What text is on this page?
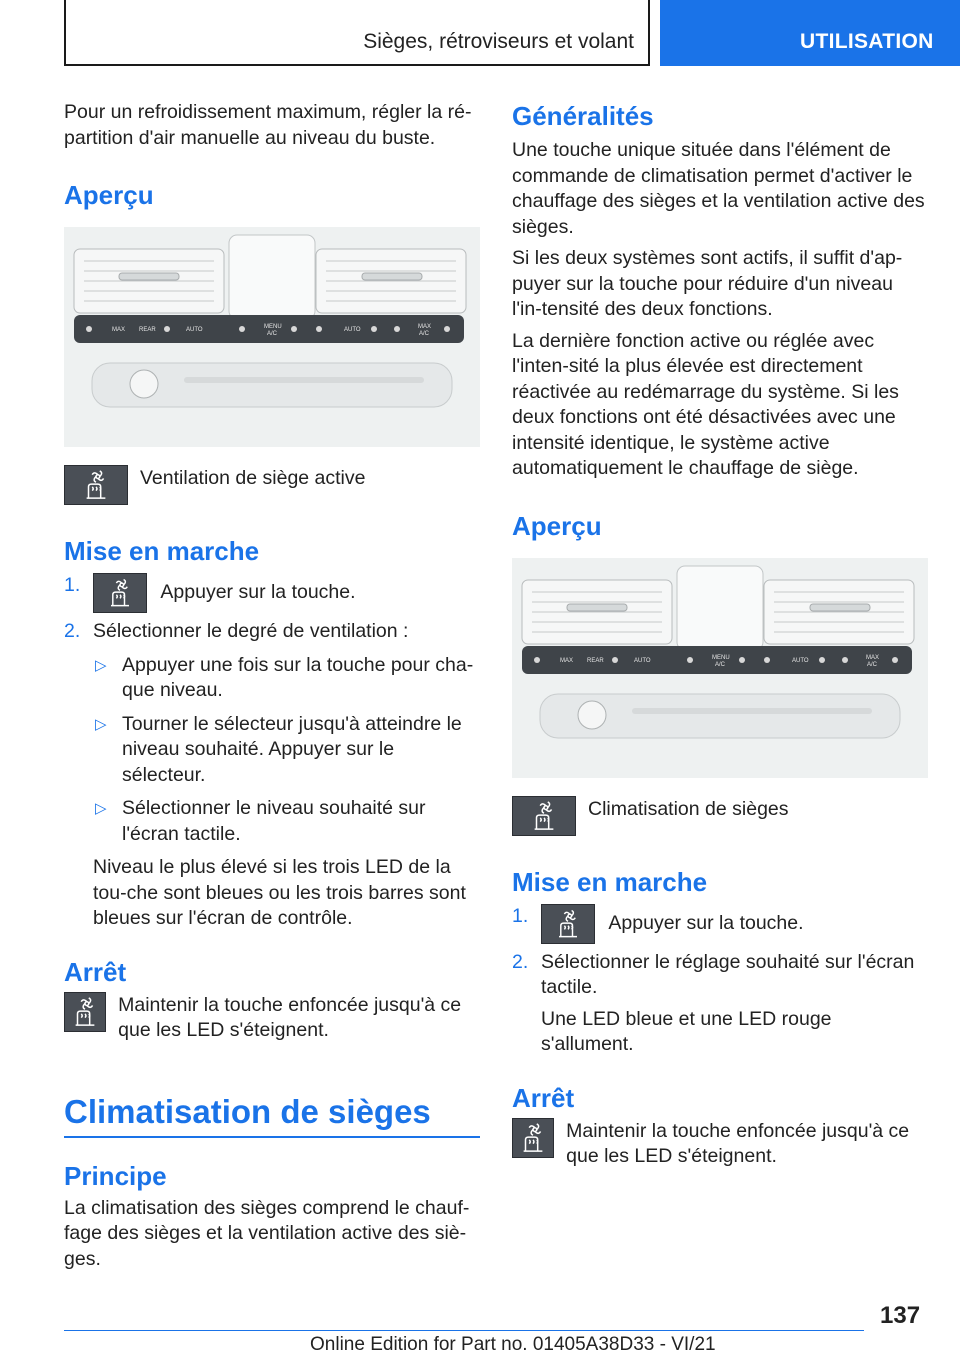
Sièges, rétroviseurs et volant	UTILISATION

Pour un refroidissement maximum, régler la ré-partition d'air manuelle au niveau du buste.

Aperçu
MAX REAR	AUTO	MENU
A/C
AUTO	MAX
A/C
Ventilation de siège active
Mise en marche
1.	Appuyer sur la touche.
2. Sélectionner le degré de ventilation :
▷ Appuyer une fois sur la touche pour cha-que niveau.
▷ Tourner le sélecteur jusqu'à atteindre le niveau souhaité. Appuyer sur le sélecteur.
▷ Sélectionner le niveau souhaité sur l'écran tactile.

Niveau le plus élevé si les trois LED de la tou-che sont bleues ou les trois barres sont bleues sur l'écran de contrôle.

Arrêt
Maintenir la touche enfoncée jusqu'à ce que les LED s'éteignent.
Climatisation de sièges
Principe

La climatisation des sièges comprend le chauf-fage des sièges et la ventilation active des siè-ges.

Généralités

Une touche unique située dans l'élément de commande de climatisation permet d'activer le chauffage des sièges et la ventilation active des sièges.

Si les deux systèmes sont actifs, il suffit d'ap-puyer sur la touche pour réduire d'un niveau l'in-tensité des deux fonctions.

La dernière fonction active ou réglée avec l'inten-sité la plus élevée est directement réactivée au redémarrage du système. Si les deux fonctions ont été désactivées avec une intensité identique, le système active automatiquement le chauffage de siège.

Aperçu
MAX REAR	AUTO	MENU
A/C
AUTO	MAX
A/C
Climatisation de sièges
Mise en marche
1.	Appuyer sur la touche.
2. Sélectionner le réglage souhaité sur l'écran tactile.

Une LED bleue et une LED rouge s'allument.

Arrêt
Maintenir la touche enfoncée jusqu'à ce que les LED s'éteignent.
137
Online Edition for Part no. 01405A38D33 - VI/21
